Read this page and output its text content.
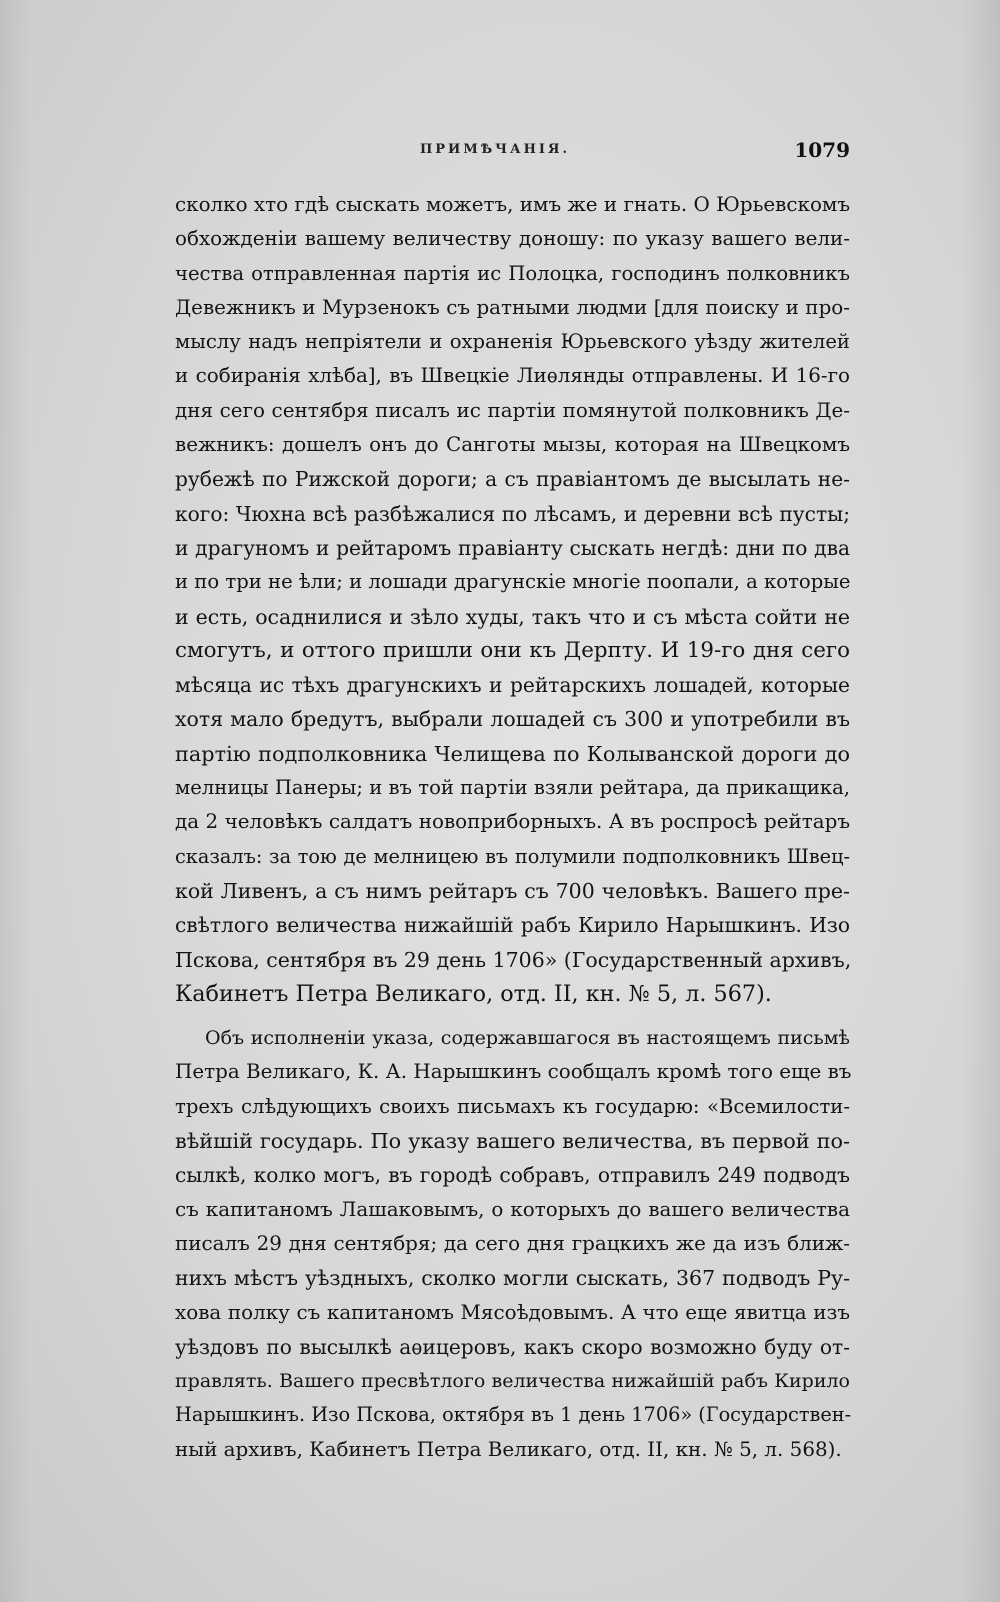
ПРИМѢЧАНІЯ.	1079
сколко хто гдѣ сыскать можетъ, имъ же и гнать. О Юрьевскомъ
обхожденіи вашему величеству доношу: по указу вашего вели-
чества отправленная партія ис Полоцка, господинъ полковникъ
Девежникъ и Мурзенокъ съ ратными людми [для поиску и про-
мыслу надъ непріятели и охраненія Юрьевского уѣзду жителей
и собиранія хлѣба], въ Швецкіе Лиѳлянды отправлены. И 16-го
дня сего сентября писалъ ис партіи помянутой полковникъ Де-
вежникъ: дошелъ онъ до Санготы мызы, которая на Швецкомъ
рубежѣ по Рижской дороги; а съ правіантомъ де высылать не-
кого: Чюхна всѣ разбѣжалися по лѣсамъ, и деревни всѣ пусты;
и драгуномъ и рейтаромъ правіанту сыскать негдѣ: дни по два
и по три не ѣли; и лошади драгунскіе многіе поопали, а которые
и есть, осаднилися и зѣло худы, такъ что и съ мѣста сойти не
смогутъ, и оттого пришли они къ Дерпту. И 19-го дня сего
мѣсяца ис тѣхъ драгунскихъ и рейтарскихъ лошадей, которые
хотя мало бредутъ, выбрали лошадей съ 300 и употребили въ
партію подполковника Челищева по Колыванской дороги до
мелницы Панеры; и въ той партіи взяли рейтара, да прикащика,
да 2 человѣкъ салдатъ новоприборныхъ. А въ роспросѣ рейтаръ
сказалъ: за тою де мелницею въ полумили подполковникъ Швец-
кой Ливенъ, а съ нимъ рейтаръ съ 700 человѣкъ. Вашего пре-
свѣтлого величества нижайшій рабъ Кирило Нарышкинъ. Изо
Пскова, сентября въ 29 день 1706» (Государственный архивъ,
Кабинетъ Петра Великаго, отд. II, кн. № 5, л. 567).
Объ исполненіи указа, содержавшагося въ настоящемъ письмѣ
Петра Великаго, К. А. Нарышкинъ сообщалъ кромѣ того еще въ
трехъ слѣдующихъ своихъ письмахъ къ государю: «Всемилости-
вѣйшій государь. По указу вашего величества, въ первой по-
сылкѣ, колко могъ, въ городѣ собравъ, отправилъ 249 подводъ
съ капитаномъ Лашаковымъ, о которыхъ до вашего величества
писалъ 29 дня сентября; да сего дня грацкихъ же да изъ ближ-
нихъ мѣстъ уѣздныхъ, сколко могли сыскать, 367 подводъ Ру-
хова полку съ капитаномъ Мясоѣдовымъ. А что еще явитца изъ
уѣздовъ по высылкѣ аѳицеровъ, какъ скоро возможно буду от-
правлять. Вашего пресвѣтлого величества нижайшій рабъ Кирило
Нарышкинъ. Изо Пскова, октября въ 1 день 1706» (Государствен-
ный архивъ, Кабинетъ Петра Великаго, отд. II, кн. № 5, л. 568).
